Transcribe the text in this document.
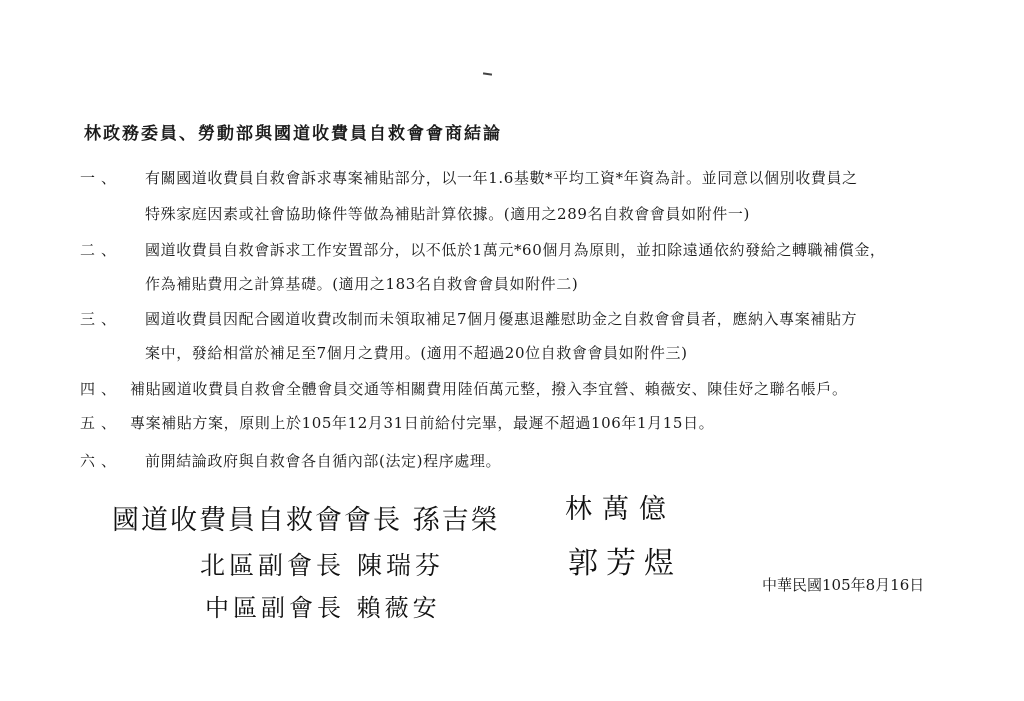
林政務委員、勞動部與國道收費員自救會會商結論
一、 有關國道收費員自救會訴求專案補貼部分，以一年1.6基數*平均工資*年資為計。並同意以個別收費員之
特殊家庭因素或社會協助條件等做為補貼計算依據。(適用之289名自救會會員如附件一)
二、 國道收費員自救會訴求工作安置部分，以不低於1萬元*60個月為原則，並扣除遠通依約發給之轉職補償金，
作為補貼費用之計算基礎。(適用之183名自救會會員如附件二)
三、 國道收費員因配合國道收費改制而未領取補足7個月優惠退離慰助金之自救會會員者，應納入專案補貼方
案中，發給相當於補足至7個月之費用。(適用不超過20位自救會會員如附件三)
四、 補貼國道收費員自救會全體會員交通等相關費用陸佰萬元整，撥入李宜營、賴薇安、陳佳妤之聯名帳戶。
五、 專案補貼方案，原則上於105年12月31日前給付完畢，最遲不超過106年1月15日。
六、 前開結論政府與自救會各自循內部(法定)程序處理。
國道收費員自救會會長 孫吉榮
北區副會長 陳瑞芬
中區副會長 賴薇安
林萬億
郭芳煜
中華民國105年8月16日
